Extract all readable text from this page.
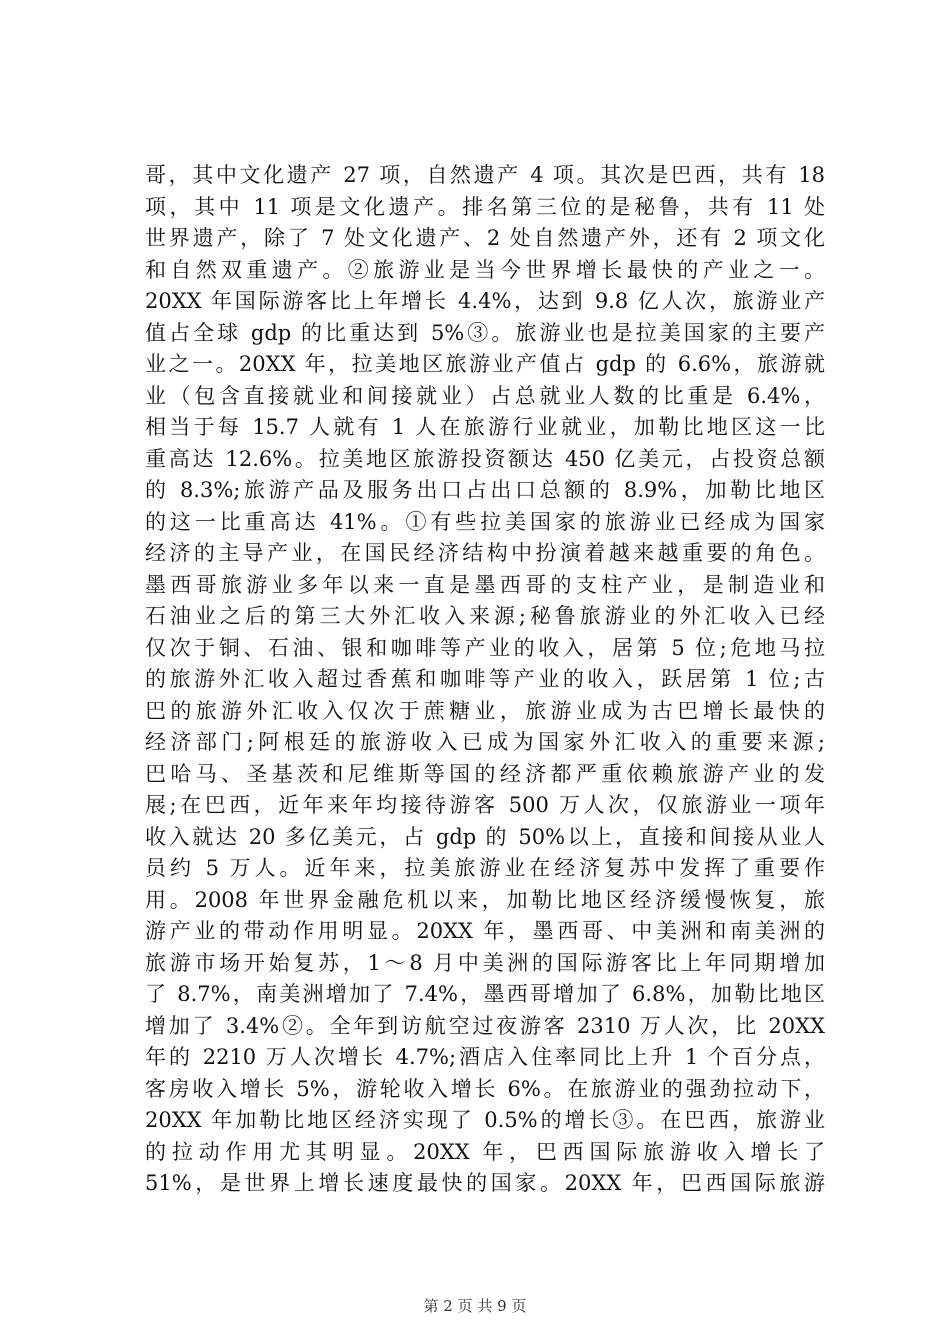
哥，其中文化遗产 27 项，自然遗产 4 项。其次是巴西，共有 18
项，其中 11 项是文化遗产。排名第三位的是秘鲁，共有 11 处
世界遗产，除了 7 处文化遗产、2 处自然遗产外，还有 2 项文化
和自然双重遗产。②旅游业是当今世界增长最快的产业之一。
20XX 年国际游客比上年增长 4.4%，达到 9.8 亿人次，旅游业产
值占全球 gdp 的比重达到 5%③。旅游业也是拉美国家的主要产
业之一。20XX 年，拉美地区旅游业产值占 gdp 的 6.6%，旅游就
业（包含直接就业和间接就业）占总就业人数的比重是 6.4%，
相当于每 15.7 人就有 1 人在旅游行业就业，加勒比地区这一比
重高达 12.6%。拉美地区旅游投资额达 450 亿美元，占投资总额
的 8.3%;旅游产品及服务出口占出口总额的 8.9%，加勒比地区
的这一比重高达 41%。①有些拉美国家的旅游业已经成为国家
经济的主导产业，在国民经济结构中扮演着越来越重要的角色。
墨西哥旅游业多年以来一直是墨西哥的支柱产业，是制造业和
石油业之后的第三大外汇收入来源;秘鲁旅游业的外汇收入已经
仅次于铜、石油、银和咖啡等产业的收入，居第 5 位;危地马拉
的旅游外汇收入超过香蕉和咖啡等产业的收入，跃居第 1 位;古
巴的旅游外汇收入仅次于蔗糖业，旅游业成为古巴增长最快的
经济部门;阿根廷的旅游收入已成为国家外汇收入的重要来源;
巴哈马、圣基茨和尼维斯等国的经济都严重依赖旅游产业的发
展;在巴西，近年来年均接待游客 500 万人次，仅旅游业一项年
收入就达 20 多亿美元，占 gdp 的 50%以上，直接和间接从业人
员约 5 万人。近年来，拉美旅游业在经济复苏中发挥了重要作
用。2008 年世界金融危机以来，加勒比地区经济缓慢恢复，旅
游产业的带动作用明显。20XX 年，墨西哥、中美洲和南美洲的
旅游市场开始复苏，1～8 月中美洲的国际游客比上年同期增加
了 8.7%，南美洲增加了 7.4%，墨西哥增加了 6.8%，加勒比地区
增加了 3.4%②。全年到访航空过夜游客 2310 万人次，比 20XX
年的 2210 万人次增长 4.7%;酒店入住率同比上升 1 个百分点，
客房收入增长 5%，游轮收入增长 6%。在旅游业的强劲拉动下，
20XX 年加勒比地区经济实现了 0.5%的增长③。在巴西，旅游业
的拉动作用尤其明显。20XX 年，巴西国际旅游收入增长了
51%，是世界上增长速度最快的国家。20XX 年，巴西国际旅游
第 2 页 共 9 页
